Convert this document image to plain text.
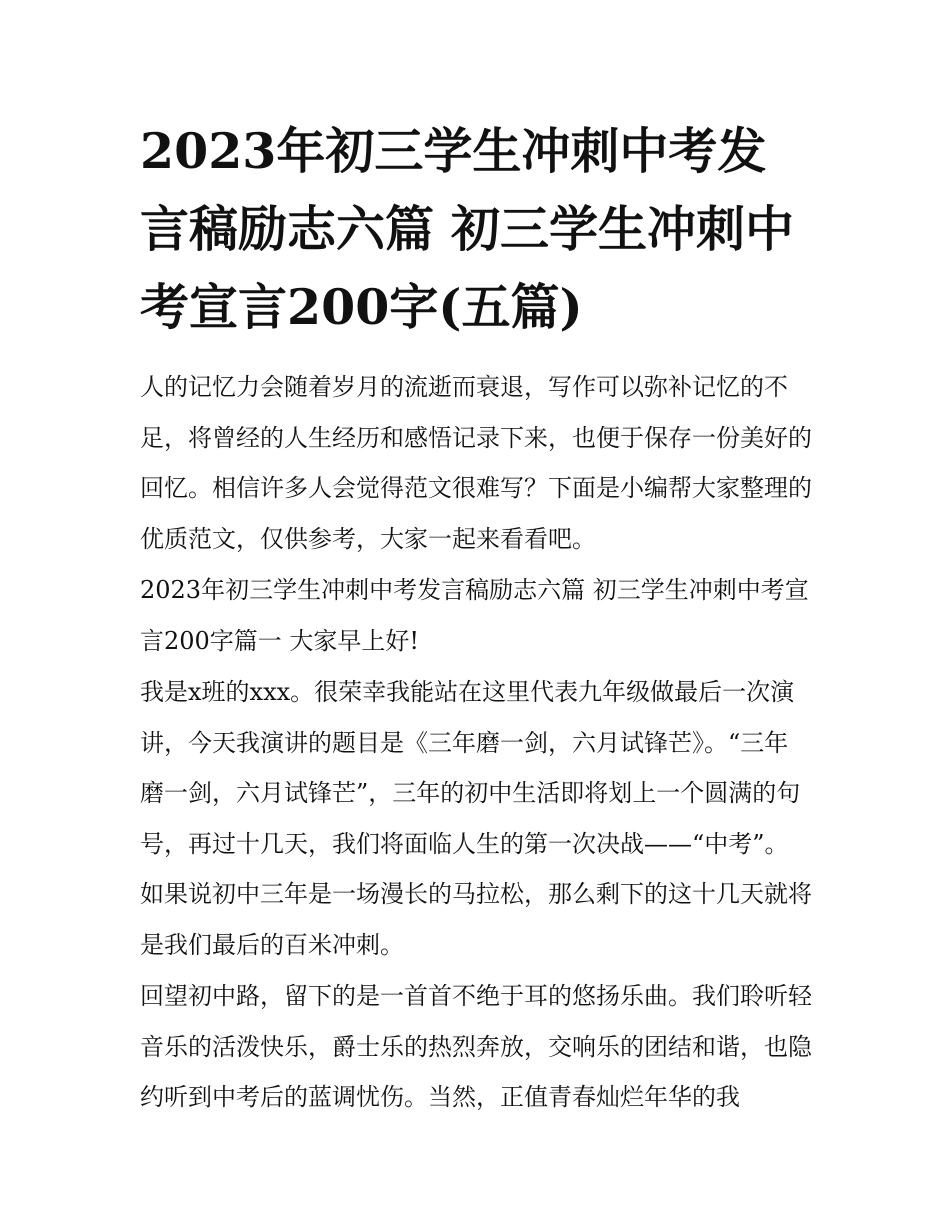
2023年初三学生冲刺中考发言稿励志六篇 初三学生冲刺中考宣言200字(五篇)

人的记忆力会随着岁月的流逝而衰退，写作可以弥补记忆的不足，将曾经的人生经历和感悟记录下来，也便于保存一份美好的回忆。相信许多人会觉得范文很难写？下面是小编帮大家整理的优质范文，仅供参考，大家一起来看看吧。

2023年初三学生冲刺中考发言稿励志六篇 初三学生冲刺中考宣言200字篇一 大家早上好!

我是x班的xxx。很荣幸我能站在这里代表九年级做最后一次演讲，今天我演讲的题目是《三年磨一剑，六月试锋芒》。“三年磨一剑，六月试锋芒”，三年的初中生活即将划上一个圆满的句号，再过十几天，我们将面临人生的第一次决战——“中考”。如果说初中三年是一场漫长的马拉松，那么剩下的这十几天就将是我们最后的百米冲刺。

回望初中路，留下的是一首首不绝于耳的悠扬乐曲。我们聆听轻音乐的活泼快乐，爵士乐的热烈奔放，交响乐的团结和谐，也隐约听到中考后的蓝调忧伤。当然，正值青春灿烂年华的我
